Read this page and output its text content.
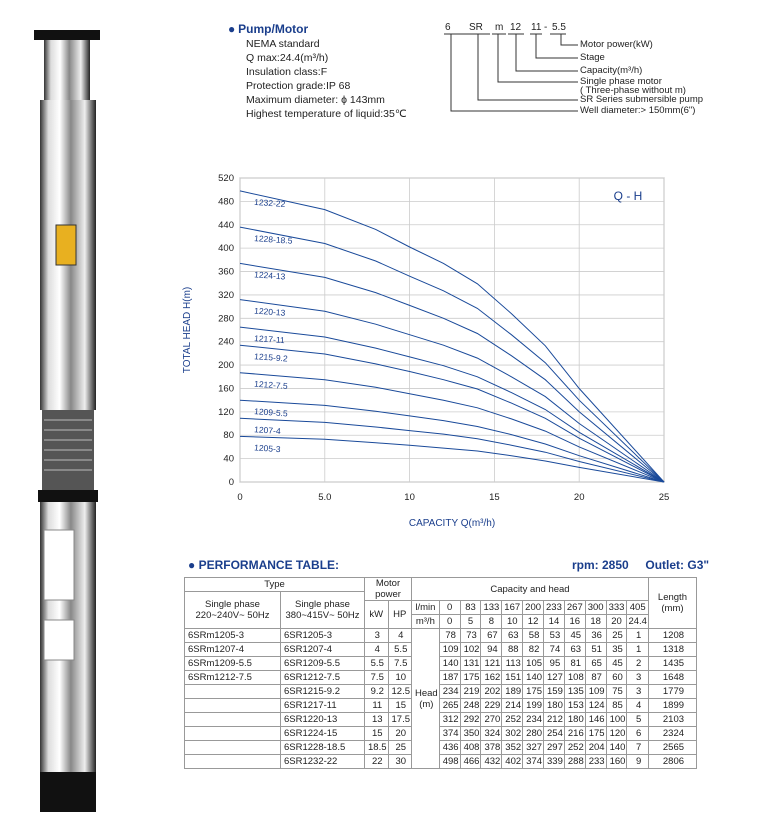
● Pump/Motor
NEMA standard
Q max:24.4(m³/h)
Insulation class:F
Protection grade:IP 68
Maximum diameter: ϕ 143mm
Highest temperature of liquid:35℃
6 SR m 12 11 - 5.5
Motor power(kW)
Stage
Capacity(m³/h)
Single phase motor
( Three-phase without m)
SR Series submersible pump
Well diameter:> 150mm(6")
0
40
80
120
160
200
240
280
320
360
400
440
480
520
0	5.0	10	15	20	25
CAPACITY Q(m³/h)
TOTAL HEAD H(m)
Q - H
1232-22
1228-18.5
1224-13
1220-13
1217-11
1215-9.2
1212-7.5
1209-5.5
1207-4
1205-3
● PERFORMANCE TABLE:	rpm: 2850 Outlet: G3"
Type		Motor power		Capacity and head											Length (mm)
Single phase 220~240V~ 50Hz	Single phase 380~415V~ 50Hz														
		kW	HP	l/min	0	83	133	167	200	233	267	300	333	405	
				m³/h	0	5	8	10	12	14	16	18	20	24.4	
6SRm1205-3	6SR1205-3	3	4	Head (m)	78	73	67	63	58	53	45	36	25	1	1208
6SRm1207-4	6SR1207-4	4	5.5		109	102	94	88	82	74	63	51	35	1	1318
6SRm1209-5.5	6SR1209-5.5	5.5	7.5		140	131	121	113	105	95	81	65	45	2	1435
6SRm1212-7.5	6SR1212-7.5	7.5	10		187	175	162	151	140	127	108	87	60	3	1648
	6SR1215-9.2	9.2	12.5		234	219	202	189	175	159	135	109	75	3	1779
	6SR1217-11	11	15		265	248	229	214	199	180	153	124	85	4	1899
	6SR1220-13	13	17.5		312	292	270	252	234	212	180	146	100	5	2103
	6SR1224-15	15	20		374	350	324	302	280	254	216	175	120	6	2324
	6SR1228-18.5	18.5	25		436	408	378	352	327	297	252	204	140	7	2565
	6SR1232-22	22	30		498	466	432	402	374	339	288	233	160	9	2806
